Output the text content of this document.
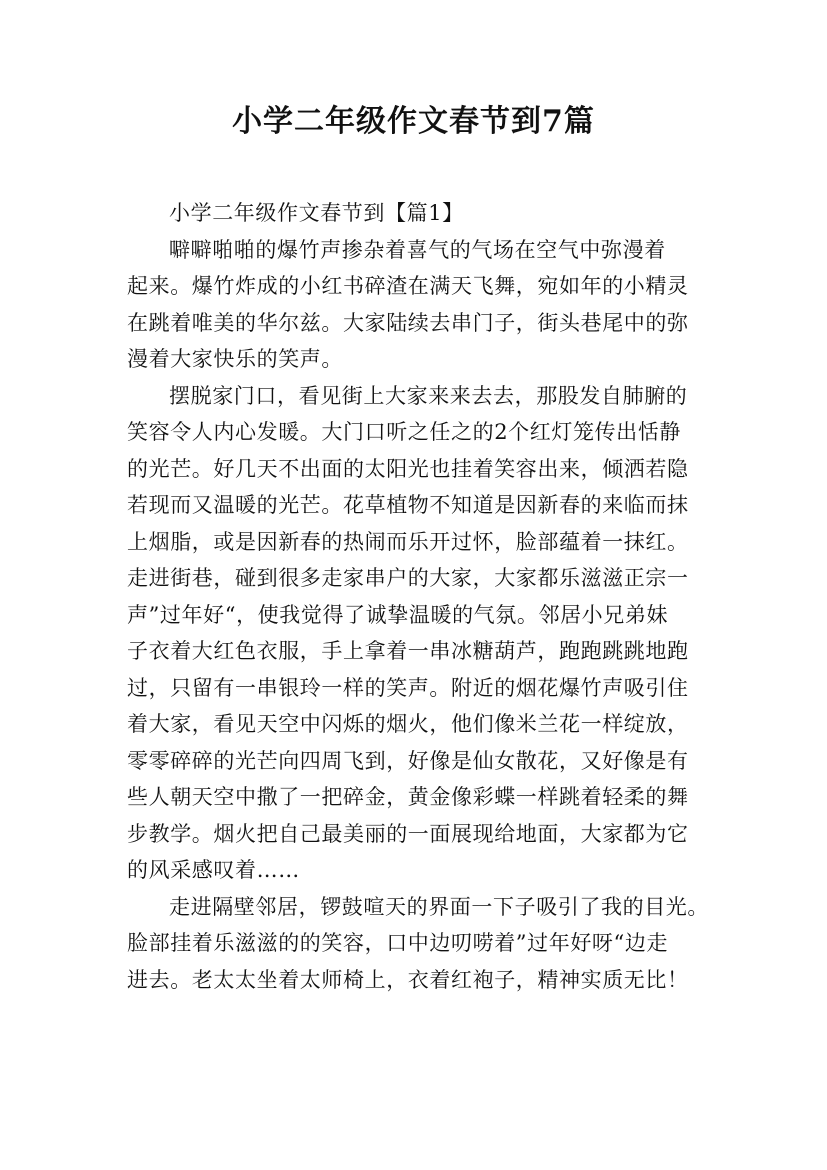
小学二年级作文春节到7篇
小学二年级作文春节到【篇1】
噼噼啪啪的爆竹声掺杂着喜气的气场在空气中弥漫着
起来。爆竹炸成的小红书碎渣在满天飞舞，宛如年的小精灵
在跳着唯美的华尔兹。大家陆续去串门子，街头巷尾中的弥
漫着大家快乐的笑声。
摆脱家门口，看见街上大家来来去去，那股发自肺腑的
笑容令人内心发暖。大门口听之任之的2个红灯笼传出恬静
的光芒。好几天不出面的太阳光也挂着笑容出来，倾洒若隐
若现而又温暖的光芒。花草植物不知道是因新春的来临而抹
上烟脂，或是因新春的热闹而乐开过怀，脸部蕴着一抹红。
走进街巷，碰到很多走家串户的大家，大家都乐滋滋正宗一
声”过年好“，使我觉得了诚挚温暖的气氛。邻居小兄弟妹
子衣着大红色衣服，手上拿着一串冰糖葫芦，跑跑跳跳地跑
过，只留有一串银玲一样的笑声。附近的烟花爆竹声吸引住
着大家，看见天空中闪烁的烟火，他们像米兰花一样绽放，
零零碎碎的光芒向四周飞到，好像是仙女散花，又好像是有
些人朝天空中撒了一把碎金，黄金像彩蝶一样跳着轻柔的舞
步教学。烟火把自己最美丽的一面展现给地面，大家都为它
的风采感叹着……
走进隔壁邻居，锣鼓喧天的界面一下子吸引了我的目光。
脸部挂着乐滋滋的的笑容，口中边叨唠着”过年好呀“边走
进去。老太太坐着太师椅上，衣着红袍子，精神实质无比！
